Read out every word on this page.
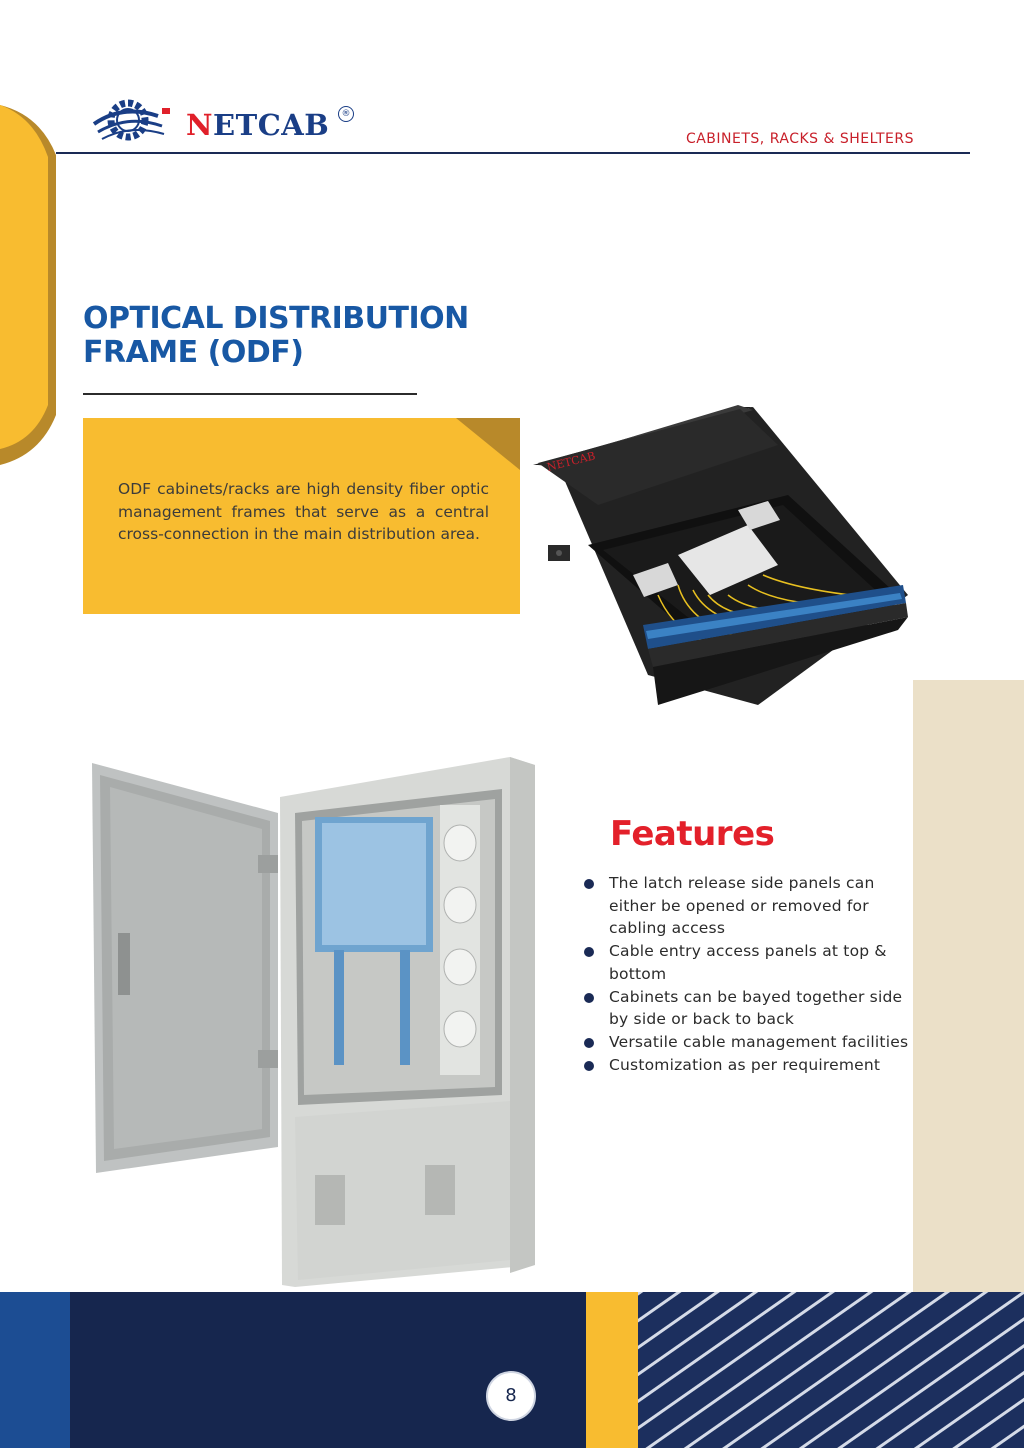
NETCAB	®
CABINETS, RACKS & SHELTERS
OPTICAL DISTRIBUTION
FRAME (ODF)
ODF cabinets/racks are high density fiber optic management frames that serve as a central cross-connection in the main distribution area.
NETCAB
Features
The latch release side panels can either be opened or removed for cabling access
Cable entry access panels at top & bottom
Cabinets can be bayed together side by side or back to back
Versatile cable management facilities
Customization as per requirement
8
